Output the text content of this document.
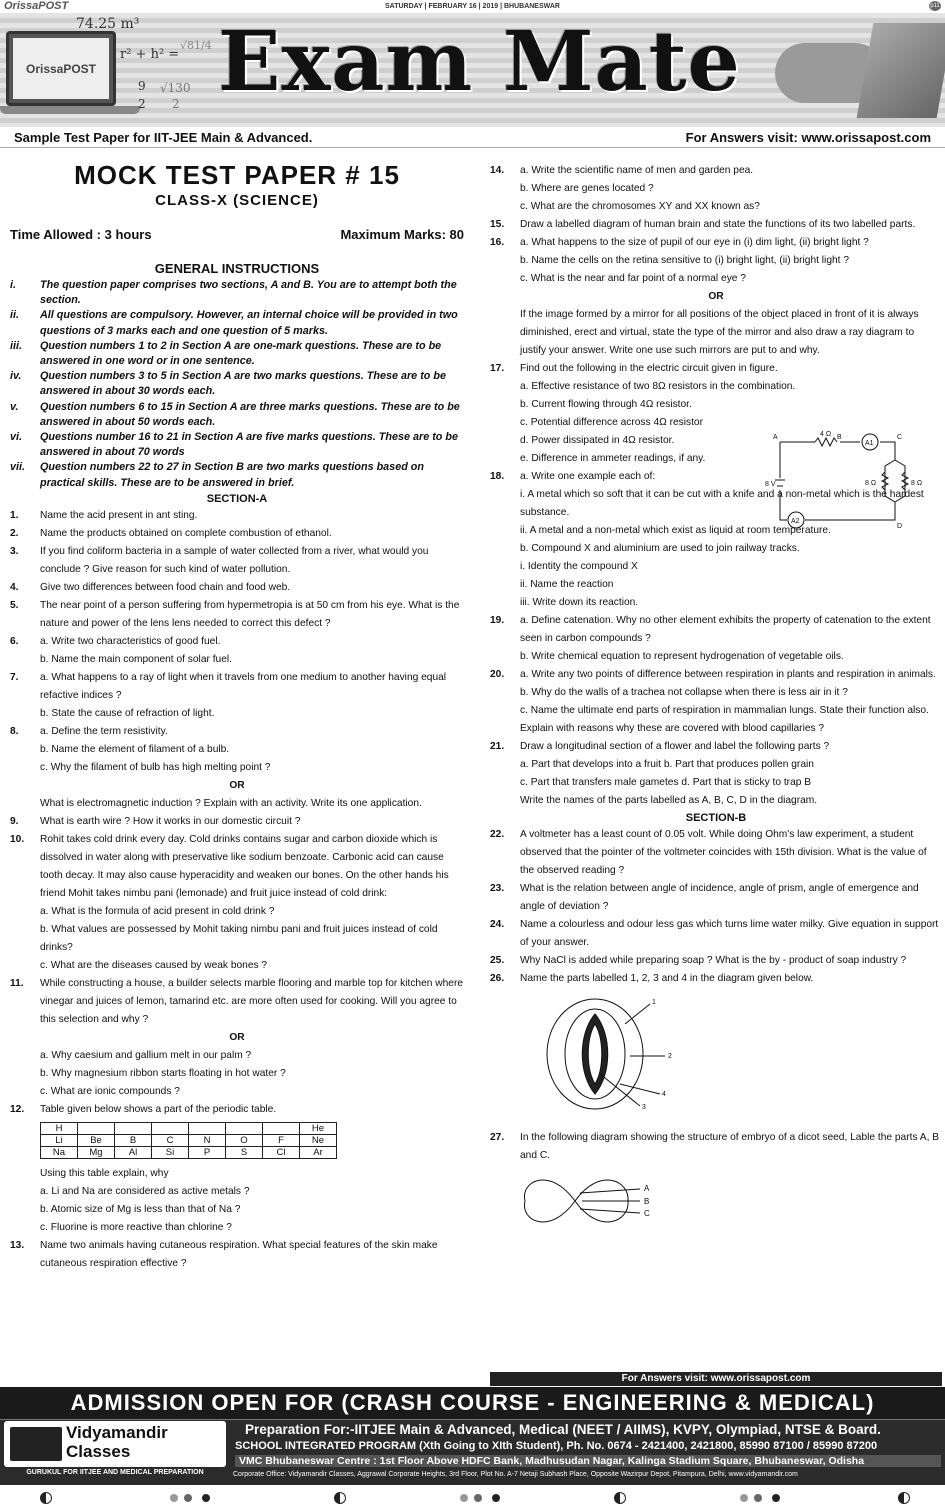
SATURDAY | FEBRUARY 16 | 2019 | BHUBANESWAR
OrissaPOST	p11
OrissaPOST
74.25 m³
r² + h² =
√81/4
9 √130
2 2 Exam Mate
Sample Test Paper for IIT-JEE Main & Advanced.	For Answers visit: www.orissapost.com
MOCK TEST PAPER # 15
CLASS-X (SCIENCE)
Time Allowed : 3 hours	Maximum Marks: 80
GENERAL INSTRUCTIONS
i.	The question paper comprises two sections, A and B. You are to attempt both the section.
ii.	All questions are compulsory. However, an internal choice will be provided in two questions of 3 marks each and one question of 5 marks.
iii.	Question numbers 1 to 2 in Section A are one-mark questions. These are to be answered in one word or in one sentence.
iv.	Question numbers 3 to 5 in Section A are two marks questions. These are to be answered in about 30 words each.
v.	Question numbers 6 to 15 in Section A are three marks questions. These are to be answered in about 50 words each.
vi.	Questions number 16 to 21 in Section A are five marks questions. These are to be answered in about 70 words
vii.	Question numbers 22 to 27 in Section B are two marks questions based on practical skills. These are to be answered in brief.
SECTION-A
1.	Name the acid present in ant sting.
2.	Name the products obtained on complete combustion of ethanol.
3.	If you find coliform bacteria in a sample of water collected from a river, what would you conclude ? Give reason for such kind of water pollution.
4.	Give two differences between food chain and food web.
5.	The near point of a person suffering from hypermetropia is at 50 cm from his eye. What is the nature and power of the lens lens needed to correct this defect ?
6.	a. Write two characteristics of good fuel.
b. Name the main component of solar fuel.
7.	a. What happens to a ray of light when it travels from one medium to another having equal refactive indices ?
b. State the cause of refraction of light.
8.	a. Define the term resistivity.
b. Name the element of filament of a bulb.
c. Why the filament of bulb has high melting point ?
OR
What is electromagnetic induction ? Explain with an activity. Write its one application.
9.	What is earth wire ? How it works in our domestic circuit ?
10.	Rohit takes cold drink every day. Cold drinks contains sugar and carbon dioxide which is dissolved in water along with preservative like sodium benzoate. Carbonic acid can cause tooth decay. It may also cause hyperacidity and weaken our bones. On the other hands his friend Mohit takes nimbu pani (lemonade) and fruit juice instead of cold drink:
a. What is the formula of acid present in cold drink ?
b. What values are possessed by Mohit taking nimbu pani and fruit juices instead of cold drinks?
c. What are the diseases caused by weak bones ?
11.	While constructing a house, a builder selects marble flooring and marble top for kitchen where vinegar and juices of lemon, tamarind etc. are more often used for cooking. Will you agree to this selection and why ?
OR
a. Why caesium and gallium melt in our palm ?
b. Why magnesium ribbon starts floating in hot water ?
c. What are ionic compounds ?
12.	Table given below shows a part of the periodic table.
H							He
Li	Be	B	C	N	O	F	Ne
Na	Mg	Al	Si	P	S	Cl	Ar
Using this table explain, why
a. Li and Na are considered as active metals ?
b. Atomic size of Mg is less than that of Na ?
c. Fluorine is more reactive than chlorine ?
13.	Name two animals having cutaneous respiration. What special features of the skin make cutaneous respiration effective ?
14.	a. Write the scientific name of men and garden pea.
b. Where are genes located ?
c. What are the chromosomes XY and XX known as?
15.	Draw a labelled diagram of human brain and state the functions of its two labelled parts.
16.	a. What happens to the size of pupil of our eye in (i) dim light, (ii) bright light ?
b. Name the cells on the retina sensitive to (i) bright light, (ii) bright light ?
c. What is the near and far point of a normal eye ?
OR
If the image formed by a mirror for all positions of the object placed in front of it is always diminished, erect and virtual, state the type of the mirror and also draw a ray diagram to justify your answer. Write one use such mirrors are put to and why.
17.	Find out the following in the electric circuit given in figure.
a. Effective resistance of two 8Ω resistors in the combination.
b. Current flowing through 4Ω resistor.
c. Potential difference across 4Ω resistor
d. Power dissipated in 4Ω resistor.
e. Difference in ammeter readings, if any.
18.	a. Write one example each of:
i. A metal which so soft that it can be cut with a knife and a non-metal which is the hardest substance.
ii. A metal and a non-metal which exist as liquid at room temperature.
b. Compound X and aluminium are used to join railway tracks.
i. Identity the compound X
ii. Name the reaction
iii. Write down its reaction.
19.	a. Define catenation. Why no other element exhibits the property of catenation to the extent seen in carbon compounds ?
b. Write chemical equation to represent hydrogenation of vegetable oils.
20.	a. Write any two points of difference between respiration in plants and respiration in animals.
b. Why do the walls of a trachea not collapse when there is less air in it ?
c. Name the ultimate end parts of respiration in mammalian lungs. State their function also. Explain with reasons why these are covered with blood capillaries ?
21.	Draw a longitudinal section of a flower and label the following parts ?
a. Part that develops into a fruit b. Part that produces pollen grain
c. Part that transfers male gametes d. Part that is sticky to trap B
Write the names of the parts labelled as A, B, C, D in the diagram.
SECTION-B
22.	A voltmeter has a least count of 0.05 volt. While doing Ohm's law experiment, a student observed that the pointer of the voltmeter coincides with 15th division. What is the value of the observed reading ?
23.	What is the relation between angle of incidence, angle of prism, angle of emergence and angle of deviation ?
24.	Name a colourless and odour less gas which turns lime water milky. Give equation in support of your answer.
25.	Why NaCl is added while preparing soap ? What is the by - product of soap industry ?
26.	Name the parts labelled 1, 2, 3 and 4 in the diagram given below.
A	B	C
D
4 Ω
8 V	8 Ω	8 Ω
A1
A2
1
2
3
4
27.	In the following diagram showing the structure of embryo of a dicot seed, Lable the parts A, B and C.
A
B
C
For Answers visit: www.orissapost.com
ADMISSION OPEN FOR (CRASH COURSE - ENGINEERING & MEDICAL)
Vidyamandir
Classes
GURUKUL FOR IITJEE AND MEDICAL PREPARATION
Preparation For:-IITJEE Main & Advanced, Medical (NEET / AIIMS), KVPY, Olympiad, NTSE & Board.
SCHOOL INTEGRATED PROGRAM (Xth Going to XIth Student), Ph. No. 0674 - 2421400, 2421800, 85990 87100 / 85990 87200
VMC Bhubaneswar Centre : 1st Floor Above HDFC Bank, Madhusudan Nagar, Kalinga Stadium Square, Bhubaneswar, Odisha
Corporate Office: Vidyamandir Classes, Aggrawal Corporate Heights, 3rd Floor, Plot No. A-7 Netaji Subhash Place, Opposite Wazirpur Depot, Pitampura, Delhi, www.vidyamandir.com
